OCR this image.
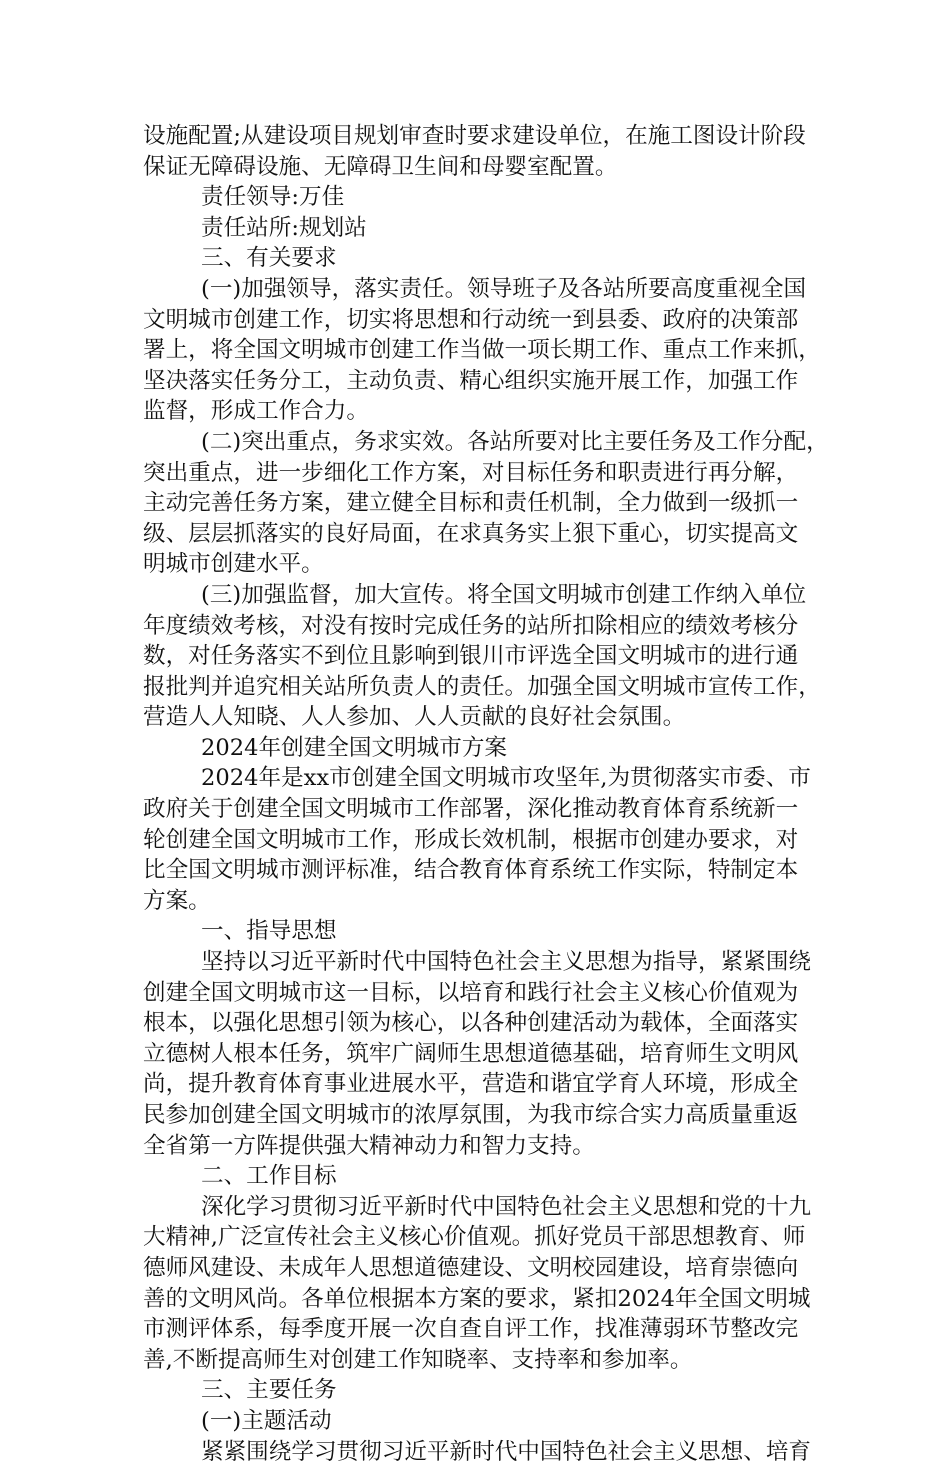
设施配置;从建设项目规划审查时要求建设单位，在施工图设计阶段
保证无障碍设施、无障碍卫生间和母婴室配置。
责任领导:万佳
责任站所:规划站
三、有关要求
(一)加强领导，落实责任。领导班子及各站所要高度重视全国
文明城市创建工作，切实将思想和行动统一到县委、政府的决策部
署上，将全国文明城市创建工作当做一项长期工作、重点工作来抓，
坚决落实任务分工，主动负责、精心组织实施开展工作，加强工作
监督，形成工作合力。
(二)突出重点，务求实效。各站所要对比主要任务及工作分配，
突出重点，进一步细化工作方案，对目标任务和职责进行再分解，
主动完善任务方案，建立健全目标和责任机制，全力做到一级抓一
级、层层抓落实的良好局面，在求真务实上狠下重心，切实提高文
明城市创建水平。
(三)加强监督，加大宣传。将全国文明城市创建工作纳入单位
年度绩效考核，对没有按时完成任务的站所扣除相应的绩效考核分
数，对任务落实不到位且影响到银川市评选全国文明城市的进行通
报批判并追究相关站所负责人的责任。加强全国文明城市宣传工作，
营造人人知晓、人人参加、人人贡献的良好社会氛围。
2024年创建全国文明城市方案
2024年是xx市创建全国文明城市攻坚年,为贯彻落实市委、市
政府关于创建全国文明城市工作部署，深化推动教育体育系统新一
轮创建全国文明城市工作，形成长效机制，根据市创建办要求，对
比全国文明城市测评标准，结合教育体育系统工作实际，特制定本
方案。
一、指导思想
坚持以习近平新时代中国特色社会主义思想为指导，紧紧围绕
创建全国文明城市这一目标，以培育和践行社会主义核心价值观为
根本，以强化思想引领为核心，以各种创建活动为载体，全面落实
立德树人根本任务，筑牢广阔师生思想道德基础，培育师生文明风
尚，提升教育体育事业进展水平，营造和谐宜学育人环境，形成全
民参加创建全国文明城市的浓厚氛围，为我市综合实力高质量重返
全省第一方阵提供强大精神动力和智力支持。
二、工作目标
深化学习贯彻习近平新时代中国特色社会主义思想和党的十九
大精神,广泛宣传社会主义核心价值观。抓好党员干部思想教育、师
德师风建设、未成年人思想道德建设、文明校园建设，培育崇德向
善的文明风尚。各单位根据本方案的要求，紧扣2024年全国文明城
市测评体系，每季度开展一次自查自评工作，找准薄弱环节整改完
善,不断提高师生对创建工作知晓率、支持率和参加率。
三、主要任务
(一)主题活动
紧紧围绕学习贯彻习近平新时代中国特色社会主义思想、培育
